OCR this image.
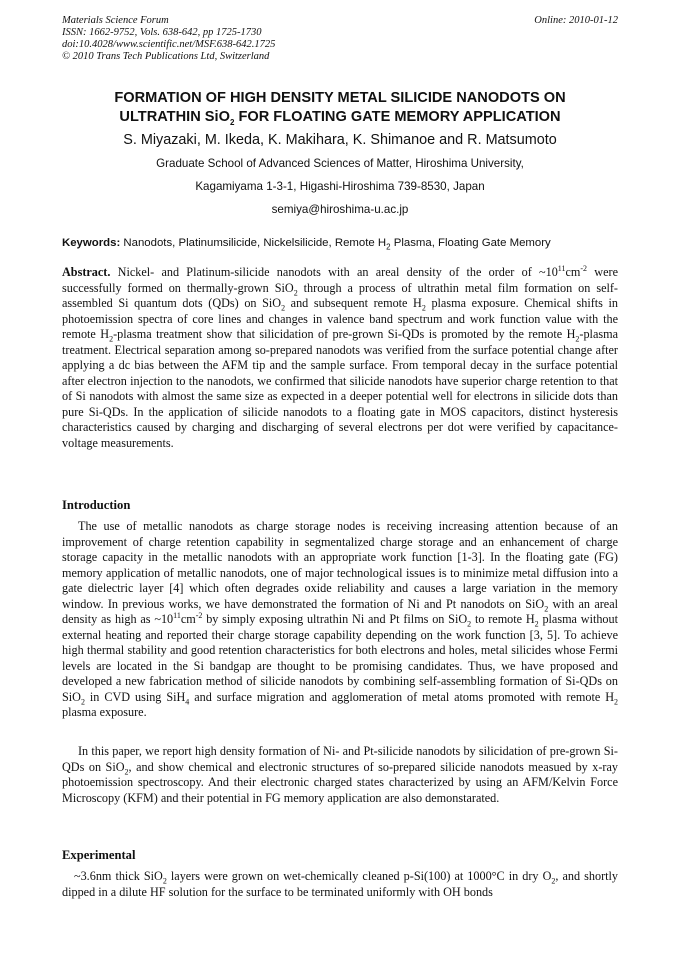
Materials Science Forum	Online: 2010-01-12
ISSN: 1662-9752, Vols. 638-642, pp 1725-1730
doi:10.4028/www.scientific.net/MSF.638-642.1725
© 2010 Trans Tech Publications Ltd, Switzerland
FORMATION OF HIGH DENSITY METAL SILICIDE NANODOTS ON
ULTRATHIN SiO$_2$ FOR FLOATING GATE MEMORY APPLICATION
S. Miyazaki, M. Ikeda, K. Makihara, K. Shimanoe and R. Matsumoto
Graduate School of Advanced Sciences of Matter, Hiroshima University,
Kagamiyama 1-3-1, Higashi-Hiroshima 739-8530, Japan
semiya@hiroshima-u.ac.jp
Keywords: Nanodots, Platinumsilicide, Nickelsilicide, Remote $H_2$ Plasma, Floating Gate Memory
Abstract. Nickel- and Platinum-silicide nanodots with an areal density of the order of $\sim 10^{11}cm^{-2}$ were successfully formed on thermally-grown SiO$_2$ through a process of ultrathin metal film formation on self-assembled Si quantum dots (QDs) on SiO$_2$ and subsequent remote $H_2$ plasma exposure. Chemical shifts in photoemission spectra of core lines and changes in valence band spectrum and work function value with the remote $H_2$-plasma treatment show that silicidation of pre-grown Si-QDs is promoted by the remote $H_2$-plasma treatment. Electrical separation among so-prepared nanodots was verified from the surface potential change after applying a dc bias between the AFM tip and the sample surface. From temporal decay in the surface potential after electron injection to the nanodots, we confirmed that silicide nanodots have superior charge retention to that of Si nanodots with almost the same size as expected in a deeper potential well for electrons in silicide dots than pure Si-QDs. In the application of silicide nanodots to a floating gate in MOS capacitors, distinct hysteresis characteristics caused by charging and discharging of several electrons per dot were verified by capacitance-voltage measurements.
Introduction
The use of metallic nanodots as charge storage nodes is receiving increasing attention because of an improvement of charge retention capability in segmentalized charge storage and an enhancement of charge storage capacity in the metallic nanodots with an appropriate work function [1-3]. In the floating gate (FG) memory application of metallic nanodots, one of major technological issues is to minimize metal diffusion into a gate dielectric layer [4] which often degrades oxide reliability and causes a large variation in the memory window. In previous works, we have demonstrated the formation of Ni and Pt nanodots on SiO$_2$ with an areal density as high as $\sim 10^{11}cm^{-2}$ by simply exposing ultrathin Ni and Pt films on SiO$_2$ to remote $H_2$ plasma without external heating and reported their charge storage capability depending on the work function [3, 5]. To achieve high thermal stability and good retention characteristics for both electrons and holes, metal silicides whose Fermi levels are located in the Si bandgap are thought to be promising candidates. Thus, we have proposed and developed a new fabrication method of silicide nanodots by combining self-assembling formation of Si-QDs on SiO$_2$ in CVD using SiH$_4$ and surface migration and agglomeration of metal atoms promoted with remote $H_2$ plasma exposure.
In this paper, we report high density formation of Ni- and Pt-silicide nanodots by silicidation of pre-grown Si-QDs on SiO$_2$, and show chemical and electronic structures of so-prepared silicide nanodots measued by x-ray photoemission spectroscopy. And their electronic charged states characterized by using an AFM/Kelvin Force Microscopy (KFM) and their potential in FG memory application are also demonstarated.
Experimental
~3.6nm thick SiO$_2$ layers were grown on wet-chemically cleaned p-Si(100) at 1000°C in dry $O_2$, and shortly dipped in a dilute HF solution for the surface to be terminated uniformly with OH bonds
